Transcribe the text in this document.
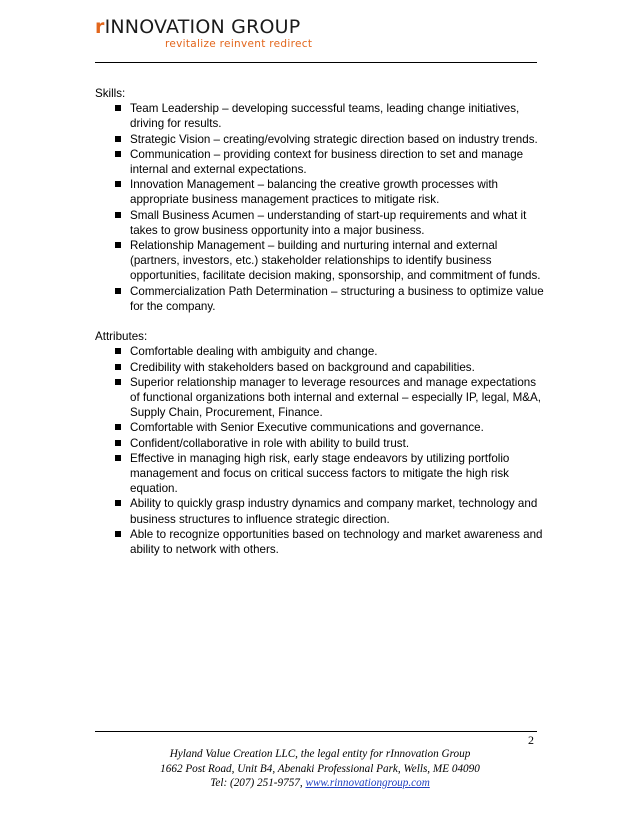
rINNOVATION GROUP
revitalize reinvent redirect
Skills:
Team Leadership – developing successful teams, leading change initiatives,
driving for results.
Strategic Vision – creating/evolving strategic direction based on industry trends.
Communication – providing context for business direction to set and manage
internal and external expectations.
Innovation Management – balancing the creative growth processes with
appropriate business management practices to mitigate risk.
Small Business Acumen – understanding of start-up requirements and what it
takes to grow business opportunity into a major business.
Relationship Management – building and nurturing internal and external
(partners, investors, etc.) stakeholder relationships to identify business
opportunities, facilitate decision making, sponsorship, and commitment of funds.
Commercialization Path Determination – structuring a business to optimize value
for the company.
Attributes:
Comfortable dealing with ambiguity and change.
Credibility with stakeholders based on background and capabilities.
Superior relationship manager to leverage resources and manage expectations
of functional organizations both internal and external – especially IP, legal, M&A,
Supply Chain, Procurement, Finance.
Comfortable with Senior Executive communications and governance.
Confident/collaborative in role with ability to build trust.
Effective in managing high risk, early stage endeavors by utilizing portfolio
management and focus on critical success factors to mitigate the high risk
equation.
Ability to quickly grasp industry dynamics and company market, technology and
business structures to influence strategic direction.
Able to recognize opportunities based on technology and market awareness and
ability to network with others.
2
Hyland Value Creation LLC, the legal entity for rInnovation Group
1662 Post Road, Unit B4, Abenaki Professional Park, Wells, ME 04090
Tel: (207) 251-9757, www.rinnovationgroup.com
